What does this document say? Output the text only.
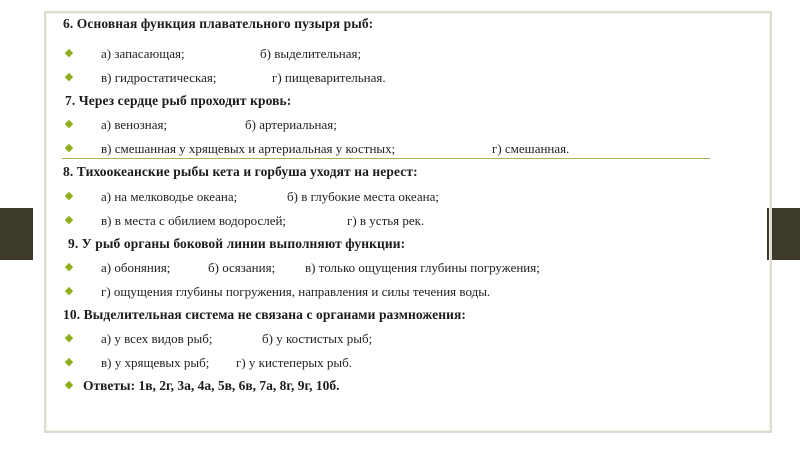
6. Основная функция плавательного пузыря рыб:
◆ а) запасающая;	б) выделительная;
◆ в) гидростатическая;	г) пищеварительная.
7. Через сердце рыб проходит кровь:
◆ а) венозная;	б) артериальная;
◆ в) смешанная у хрящевых и артериальная у костных;	г) смешанная.
8. Тихоокеанские рыбы кета и горбуша уходят на нерест:
◆ а) на мелководье океана;	б) в глубокие места океана;
◆ в) в места с обилием водорослей;	г) в устья рек.
9. У рыб органы боковой линии выполняют функции:
◆ а) обоняния;	б) осязания; в) только ощущения глубины погружения;
◆ г) ощущения глубины погружения, направления и силы течения воды.
10. Выделительная система не связана с органами размножения:
◆ а) у всех видов рыб;	б) у костистых рыб;
◆ в) у хрящевых рыб; г) у кистеперых рыб.
◆ Ответы: 1в, 2г, 3а, 4а, 5в, 6в, 7а, 8г, 9г, 10б.
